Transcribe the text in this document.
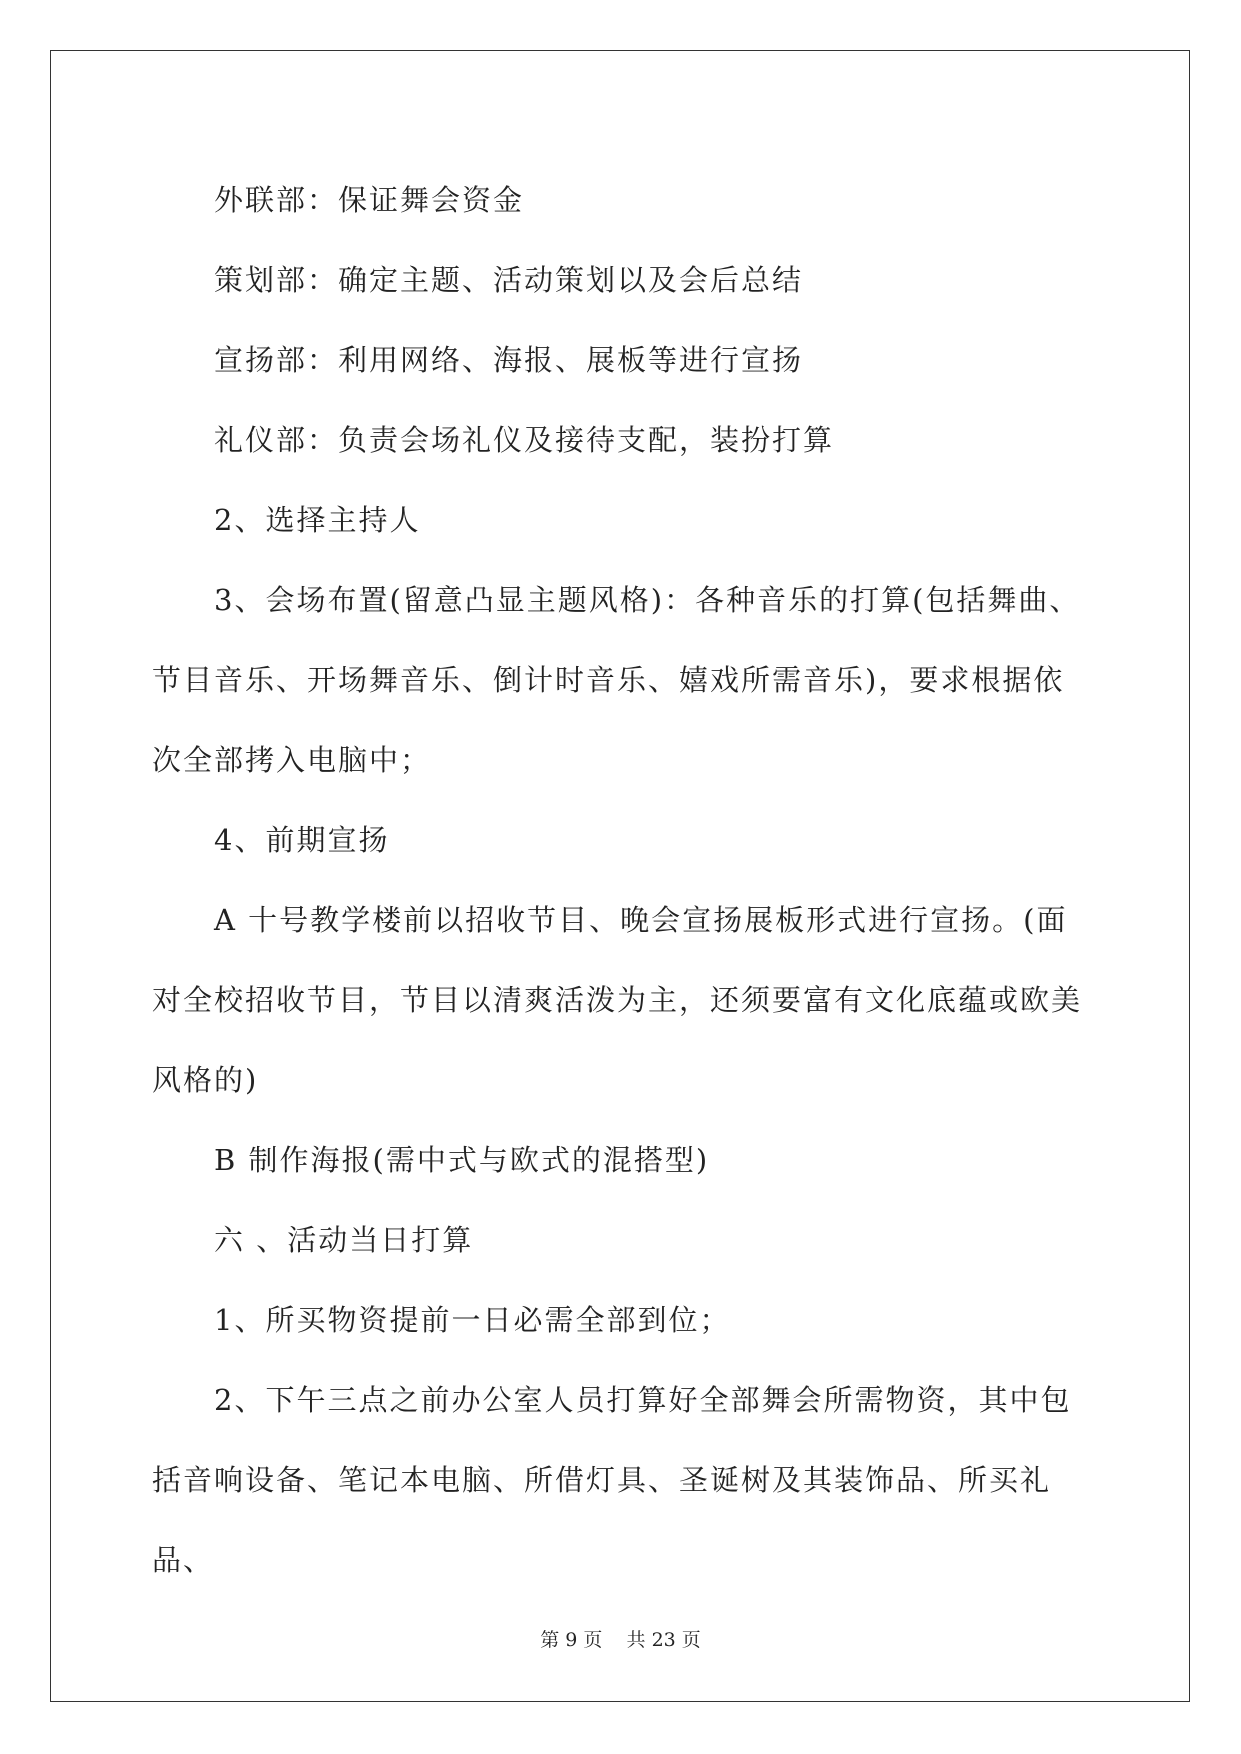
外联部：保证舞会资金

策划部：确定主题、活动策划以及会后总结

宣扬部：利用网络、海报、展板等进行宣扬

礼仪部：负责会场礼仪及接待支配，装扮打算

2、选择主持人

3、会场布置(留意凸显主题风格)：各种音乐的打算(包括舞曲、节目音乐、开场舞音乐、倒计时音乐、嬉戏所需音乐)，要求根据依次全部拷入电脑中；

4、前期宣扬

A 十号教学楼前以招收节目、晚会宣扬展板形式进行宣扬。(面对全校招收节目，节目以清爽活泼为主，还须要富有文化底蕴或欧美风格的)

B 制作海报(需中式与欧式的混搭型)

六 、活动当日打算

1、所买物资提前一日必需全部到位；

2、下午三点之前办公室人员打算好全部舞会所需物资，其中包括音响设备、笔记本电脑、所借灯具、圣诞树及其装饰品、所买礼品、

第 9 页    共 23 页
